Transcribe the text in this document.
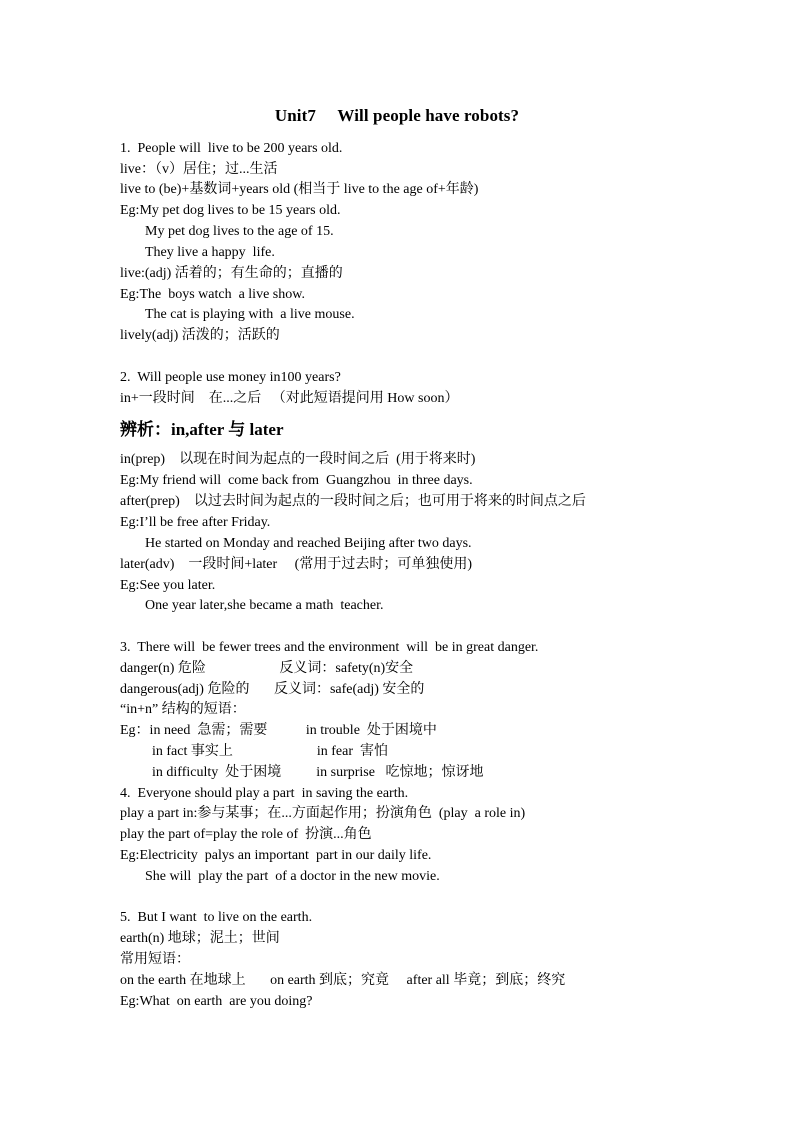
Unit7     Will people have robots?
1.  People will  live to be 200 years old.
live：（v）居住；过...生活
live to (be)+基数词+years old (相当于 live to the age of+年龄)
Eg:My pet dog lives to be 15 years old.
My pet dog lives to the age of 15.
They live a happy  life.
live:(adj) 活着的；有生命的；直播的
Eg:The  boys watch  a live show.
The cat is playing with  a live mouse.
lively(adj) 活泼的；活跃的
2.  Will people use money in100 years?
in+一段时间    在...之后   （对此短语提问用 How soon）
辨析：in,after 与 later
in(prep)    以现在时间为起点的一段时间之后  (用于将来时)
Eg:My friend will  come back from  Guangzhou  in three days.
after(prep)    以过去时间为起点的一段时间之后；也可用于将来的时间点之后
Eg:I’ll be free after Friday.
He started on Monday and reached Beijing after two days.
later(adv)    一段时间+later     (常用于过去时；可单独使用)
Eg:See you later.
One year later,she became a math  teacher.
3.  There will  be fewer trees and the environment  will  be in great danger.
danger(n) 危险                     反义词：safety(n)安全
dangerous(adj) 危险的       反义词：safe(adj) 安全的
“in+n” 结构的短语：
Eg：in need  急需；需要           in trouble  处于困境中
in fact 事实上                        in fear  害怕
in difficulty  处于困境          in surprise   吃惊地；惊讶地
4.  Everyone should play a part  in saving the earth.
play a part in:参与某事；在...方面起作用；扮演角色  (play  a role in)
play the part of=play the role of  扮演...角色
Eg:Electricity  palys an important  part in our daily life.
She will  play the part  of a doctor in the new movie.
5.  But I want  to live on the earth.
earth(n) 地球；泥土；世间
常用短语：
on the earth 在地球上       on earth 到底；究竟     after all 毕竟；到底；终究
Eg:What  on earth  are you doing?
